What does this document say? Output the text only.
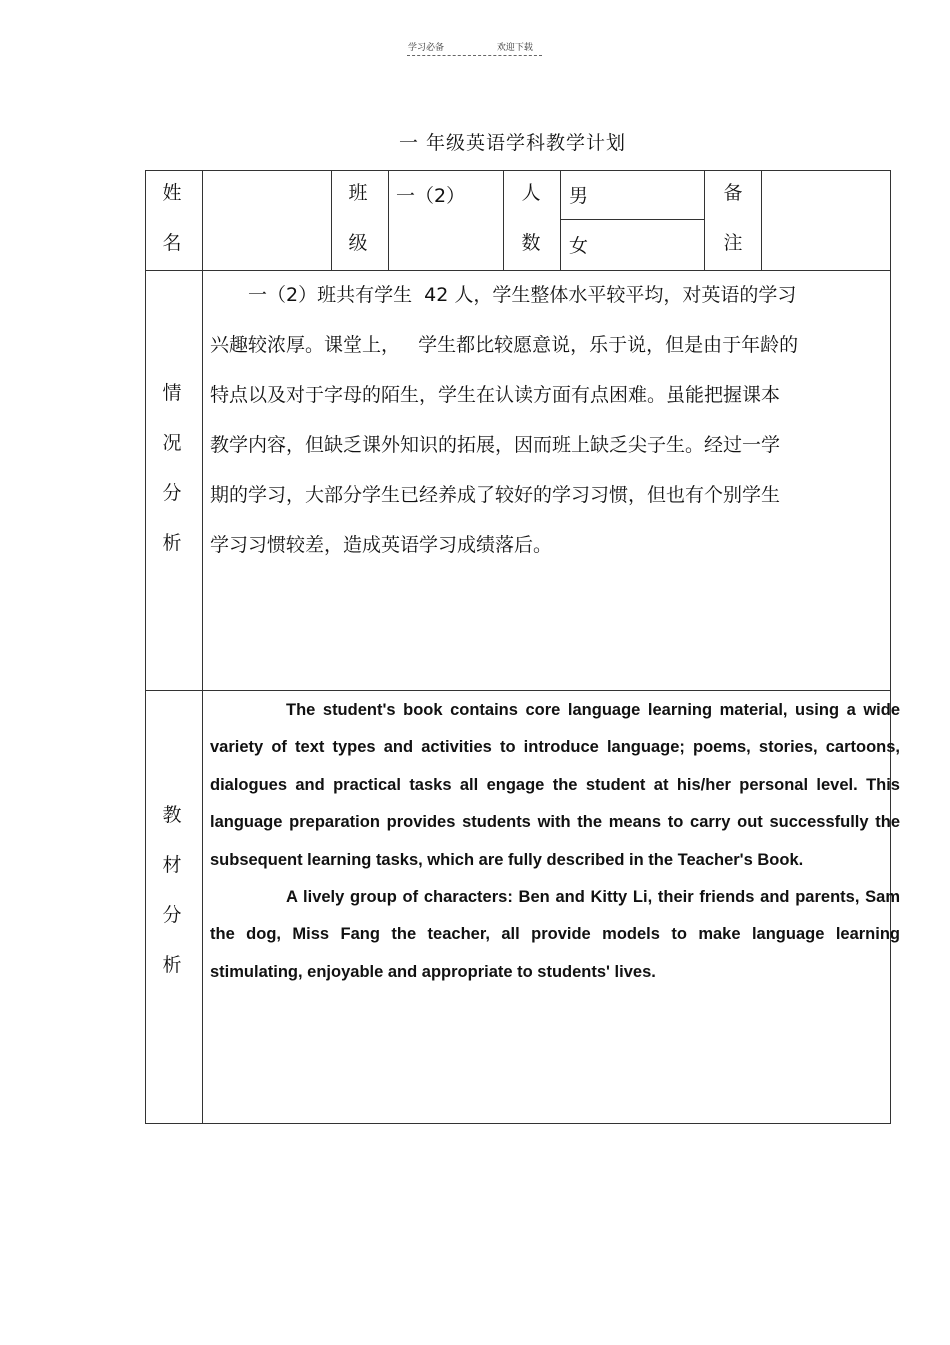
学习必备	欢迎下载
一 年级英语学科教学计划
姓
名
班
级
一（2）	人
数
男
女
备
注
情
况
分
析

　　一（2）班共有学生  42 人，学生整体水平较平均，对英语的学习

兴趣较浓厚。课堂上，   学生都比较愿意说，乐于说，但是由于年龄的

特点以及对于字母的陌生，学生在认读方面有点困难。虽能把握课本

教学内容，但缺乏课外知识的拓展，因而班上缺乏尖子生。经过一学

期的学习，大部分学生已经养成了较好的学习习惯，但也有个别学生

学习习惯较差，造成英语学习成绩落后。

教
材
分
析

The student's book contains core language learning material, using a wide variety of text types and activities to introduce language; poems, stories, cartoons, dialogues and practical tasks all engage the student at his/her personal level. This language preparation provides students with the means to carry out successfully the subsequent learning tasks, which are fully described in the Teacher's Book.

A lively group of characters: Ben and Kitty Li, their friends and parents, Sam the dog, Miss Fang the teacher, all provide models to make language learning stimulating, enjoyable and appropriate to students' lives.
